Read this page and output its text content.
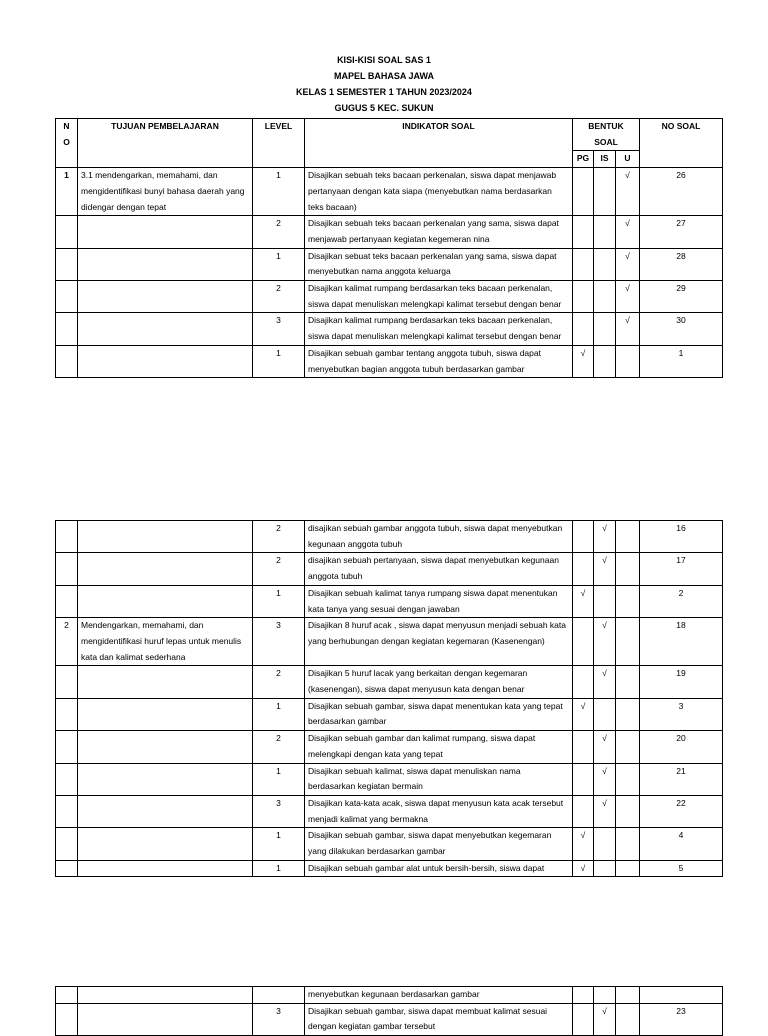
KISI-KISI SOAL SAS 1
MAPEL BAHASA JAWA
KELAS 1 SEMESTER 1 TAHUN 2023/2024
GUGUS 5 KEC. SUKUN
N
O	TUJUAN PEMBELAJARAN	LEVEL	INDIKATOR SOAL	BENTUK
SOAL			NO SOAL
				PG	IS	U	
1	3.1 mendengarkan, memahami, dan mengidentifikasi bunyi bahasa daerah yang didengar dengan tepat	1	Disajikan sebuah teks bacaan perkenalan, siswa dapat menjawab pertanyaan dengan kata siapa (menyebutkan nama berdasarkan teks bacaan)			√	26
		2	Disajikan sebuah teks bacaan perkenalan yang sama, siswa dapat menjawab pertanyaan kegiatan kegemeran nina			√	27
		1	Disajikan sebuat teks bacaan perkenalan yang sama, siswa dapat menyebutkan nama anggota keluarga			√	28
		2	Disajikan kalimat rumpang berdasarkan teks bacaan perkenalan, siswa dapat menuliskan melengkapi kalimat tersebut dengan benar			√	29
		3	Disajikan kalimat rumpang berdasarkan teks bacaan perkenalan, siswa dapat menuliskan melengkapi kalimat tersebut dengan benar			√	30
		1	Disajikan sebuah gambar tentang anggota tubuh, siswa dapat menyebutkan bagian anggota tubuh berdasarkan gambar	√			1
		2	disajikan sebuah gambar anggota tubuh, siswa dapat menyebutkan kegunaan anggota tubuh		√		16
		2	disajikan sebuah pertanyaan, siswa dapat menyebutkan kegunaan anggota tubuh		√		17
		1	Disajikan sebuah kalimat tanya rumpang siswa dapat menentukan kata tanya yang sesuai dengan jawaban	√			2
2	Mendengarkan, memahami, dan mengidentifikasi huruf lepas untuk menulis kata dan kalimat sederhana	3	Disajikan 8 huruf acak , siswa dapat menyusun menjadi sebuah kata yang berhubungan dengan kegiatan kegemaran (Kasenengan)		√		18
		2	Disajikan 5 huruf lacak yang berkaitan dengan kegemaran (kasenengan), siswa dapat menyusun kata dengan benar		√		19
		1	Disajikan sebuah gambar, siswa dapat menentukan kata yang tepat berdasarkan gambar	√			3
		2	Disajikan sebuah gambar dan kalimat rumpang, siswa dapat melengkapi dengan kata yang tepat		√		20
		1	Disajikan sebuah kalimat, siswa dapat menuliskan nama berdasarkan kegiatan bermain		√		21
		3	Disajikan kata-kata acak, siswa dapat menyusun kata acak tersebut menjadi kalimat yang bermakna		√		22
		1	Disajikan sebuah gambar, siswa dapat menyebutkan kegemaran yang dilakukan berdasarkan gambar	√			4
		1	Disajikan sebuah gambar alat untuk bersih-bersih, siswa dapat	√			5
			menyebutkan kegunaan berdasarkan gambar				
		3	Disajikan sebuah gambar, siswa dapat membuat kalimat sesuai dengan kegiatan gambar tersebut		√		23
